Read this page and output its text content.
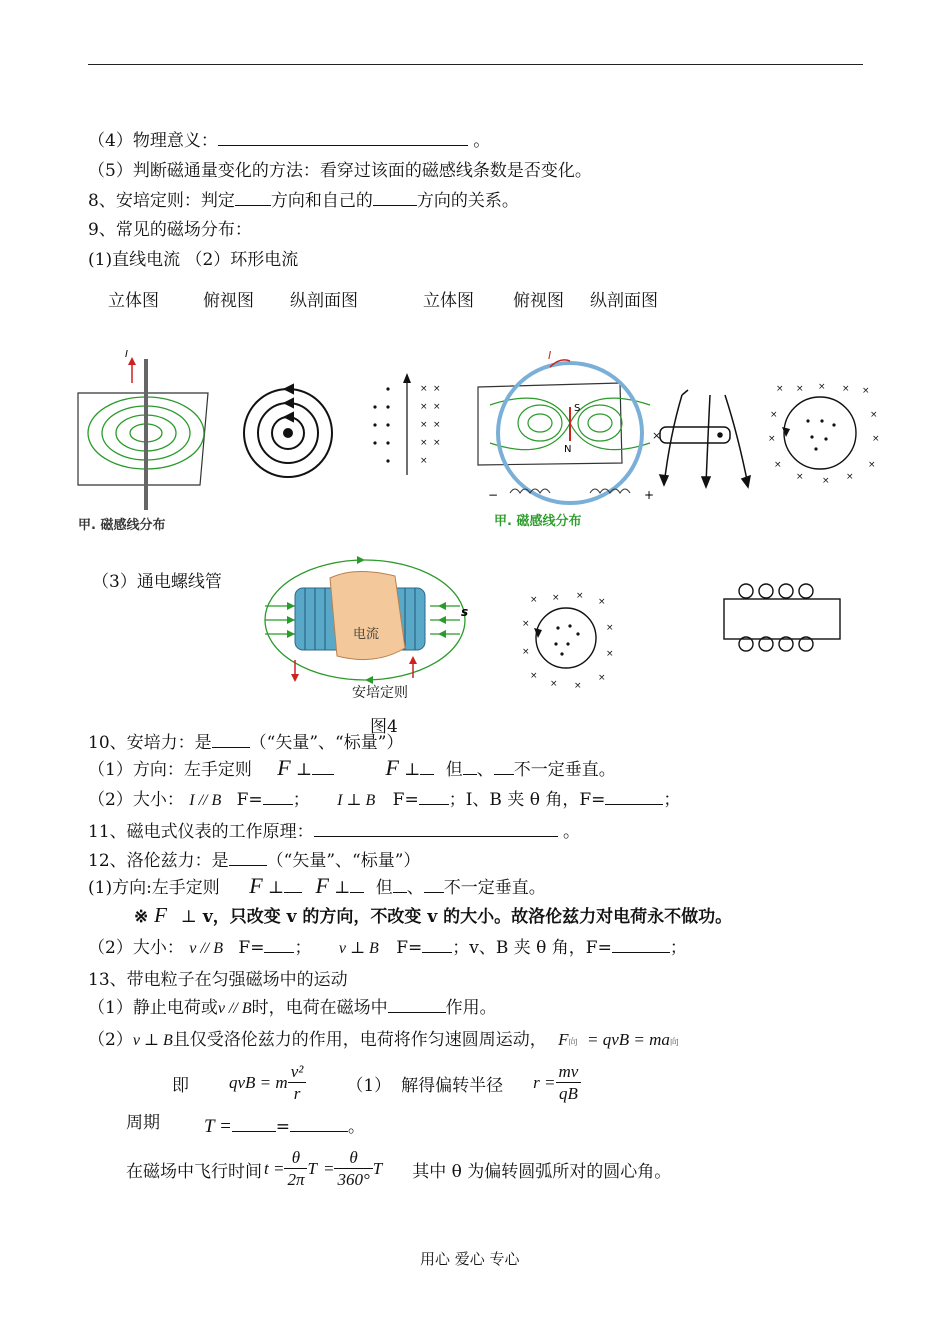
（4）物理意义：	。
（5）判断磁通量变化的方法：看穿过该面的磁感线条数是否变化。
8、安培定则：判定 方向和自己的	方向的关系。
9、常见的磁场分布：
(1)直线电流 （2）环形电流
立体图	俯视图 纵剖面图	立体图 俯视图 纵剖面图
I
甲. 磁感线分布
× ×
× ×
× ×
× ×
×
S
N
I
−	+
甲. 磁感线分布
×
× × × × ×
×	×
×	×
×
× × ×
×
（3）通电螺线管
电流
s
安培定则
图4
× × ×
×
×	×
×	×
×
× ×
×
10、安培力：是 （“矢量”、“标量”）
（1）方向：左手定则 F ⊥	F ⊥ 但 、 不一定垂直。
（2）大小： I // B F= ； I ⊥ B F= ；I、B 夹 θ 角，F=	；
11、磁电式仪表的工作原理：	。
12、洛伦兹力：是 （“矢量”、“标量”）
(1)方向:左手定则 F ⊥ F ⊥ 但 、 不一定垂直。
※ F ⊥ v，只改变 v 的方向，不改变 v 的大小。故洛伦兹力对电荷永不做功。
（2）大小： v // B F= ； v ⊥ B F= ；v、B 夹 θ 角，F=	；
13、带电粒子在匀强磁场中的运动
（1）静止电荷或v // B时，电荷在磁场中	作用。
（2）v ⊥ B且仅受洛伦兹力的作用，电荷将作匀速圆周运动， F向 = qvB = ma向
即 qvB = m $\frac{\text{v²}}{r} (1)$ 解得偏转半径 $r = \frac{mv}{qB}$
周期 T =	=	。
在磁场中飞行时间 $t = \frac{\theta}{2\pi}$ $T = \frac{\theta}{360^\circ}$ T 其中 θ 为偏转圆弧所对的圆心角。
用心 爱心 专心
